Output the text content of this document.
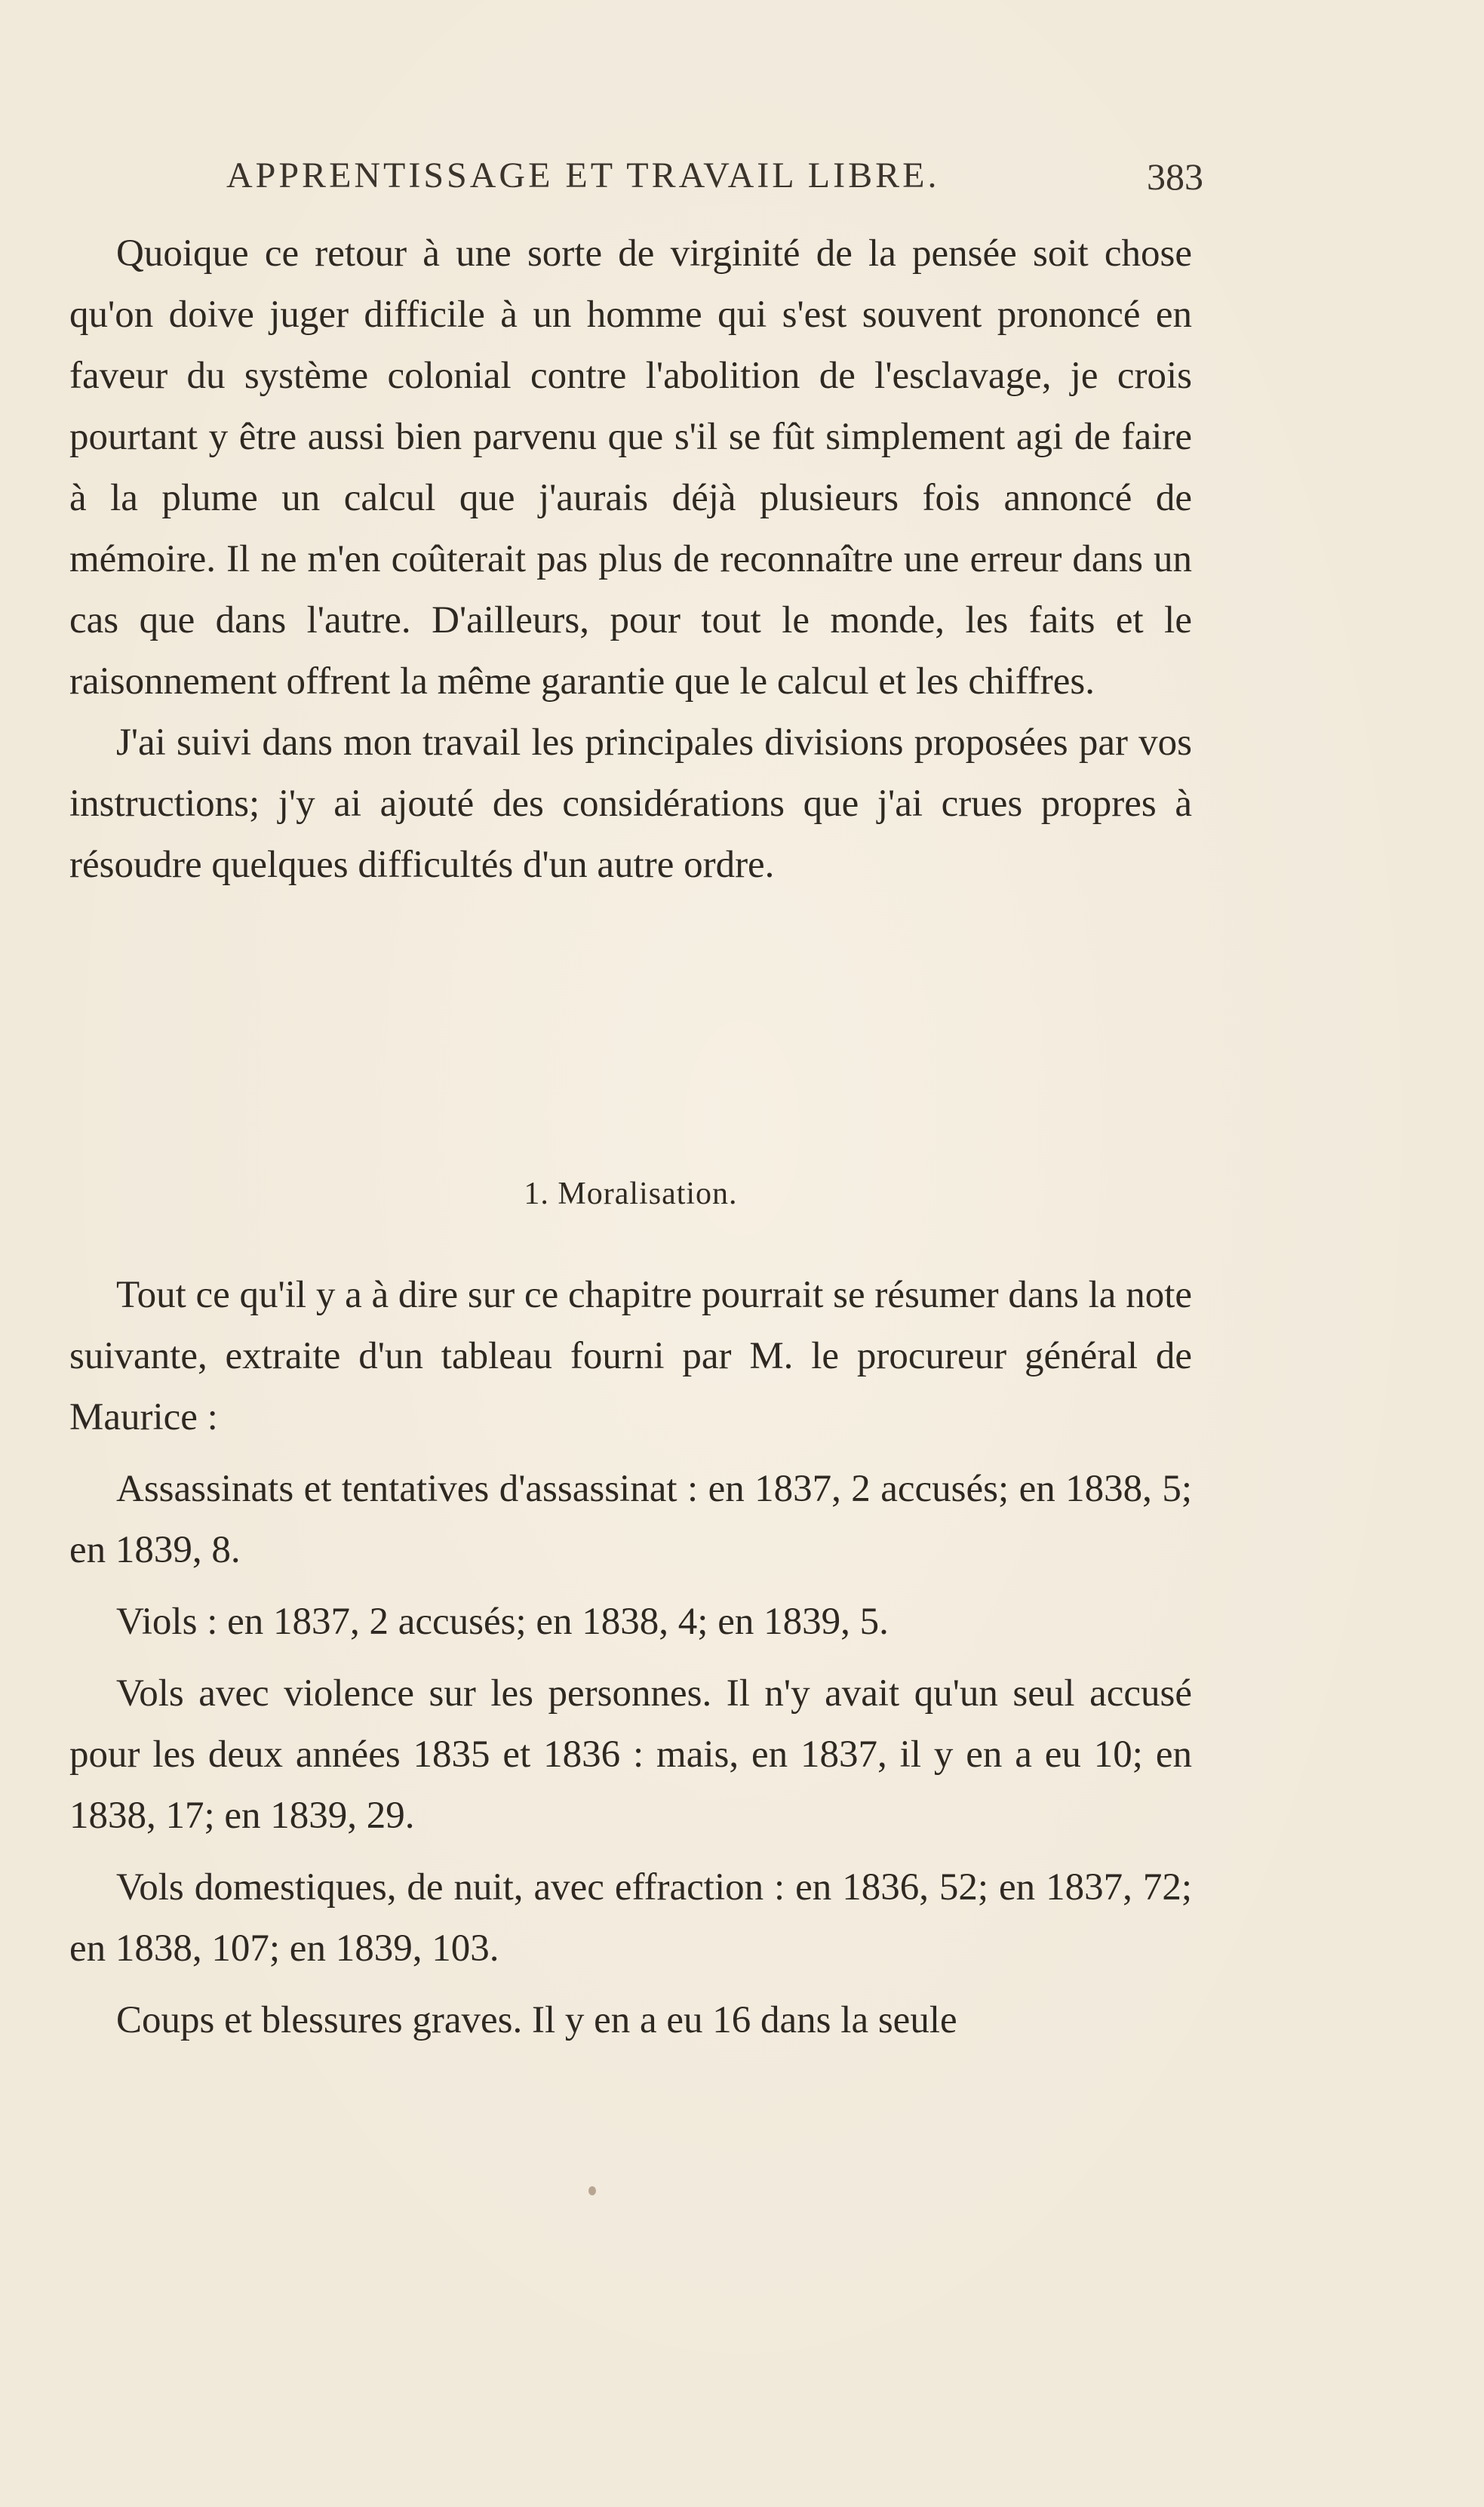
APPRENTISSAGE ET TRAVAIL LIBRE.	383

Quoique ce retour à une sorte de virginité de la pensée soit chose qu'on doive juger difficile à un homme qui s'est souvent prononcé en faveur du système colonial contre l'abolition de l'esclavage, je crois pourtant y être aussi bien parvenu que s'il se fût simplement agi de faire à la plume un calcul que j'aurais déjà plusieurs fois annoncé de mémoire. Il ne m'en coûterait pas plus de reconnaître une erreur dans un cas que dans l'autre. D'ailleurs, pour tout le monde, les faits et le raisonnement offrent la même garantie que le calcul et les chiffres.

J'ai suivi dans mon travail les principales divisions proposées par vos instructions; j'y ai ajouté des considérations que j'ai crues propres à résoudre quelques difficultés d'un autre ordre.

1. Moralisation.

Tout ce qu'il y a à dire sur ce chapitre pourrait se résumer dans la note suivante, extraite d'un tableau fourni par M. le procureur général de Maurice :

Assassinats et tentatives d'assassinat : en 1837, 2 accusés; en 1838, 5; en 1839, 8.

Viols : en 1837, 2 accusés; en 1838, 4; en 1839, 5.

Vols avec violence sur les personnes. Il n'y avait qu'un seul accusé pour les deux années 1835 et 1836 : mais, en 1837, il y en a eu 10; en 1838, 17; en 1839, 29.

Vols domestiques, de nuit, avec effraction : en 1836, 52; en 1837, 72; en 1838, 107; en 1839, 103.

Coups et blessures graves. Il y en a eu 16 dans la seule
